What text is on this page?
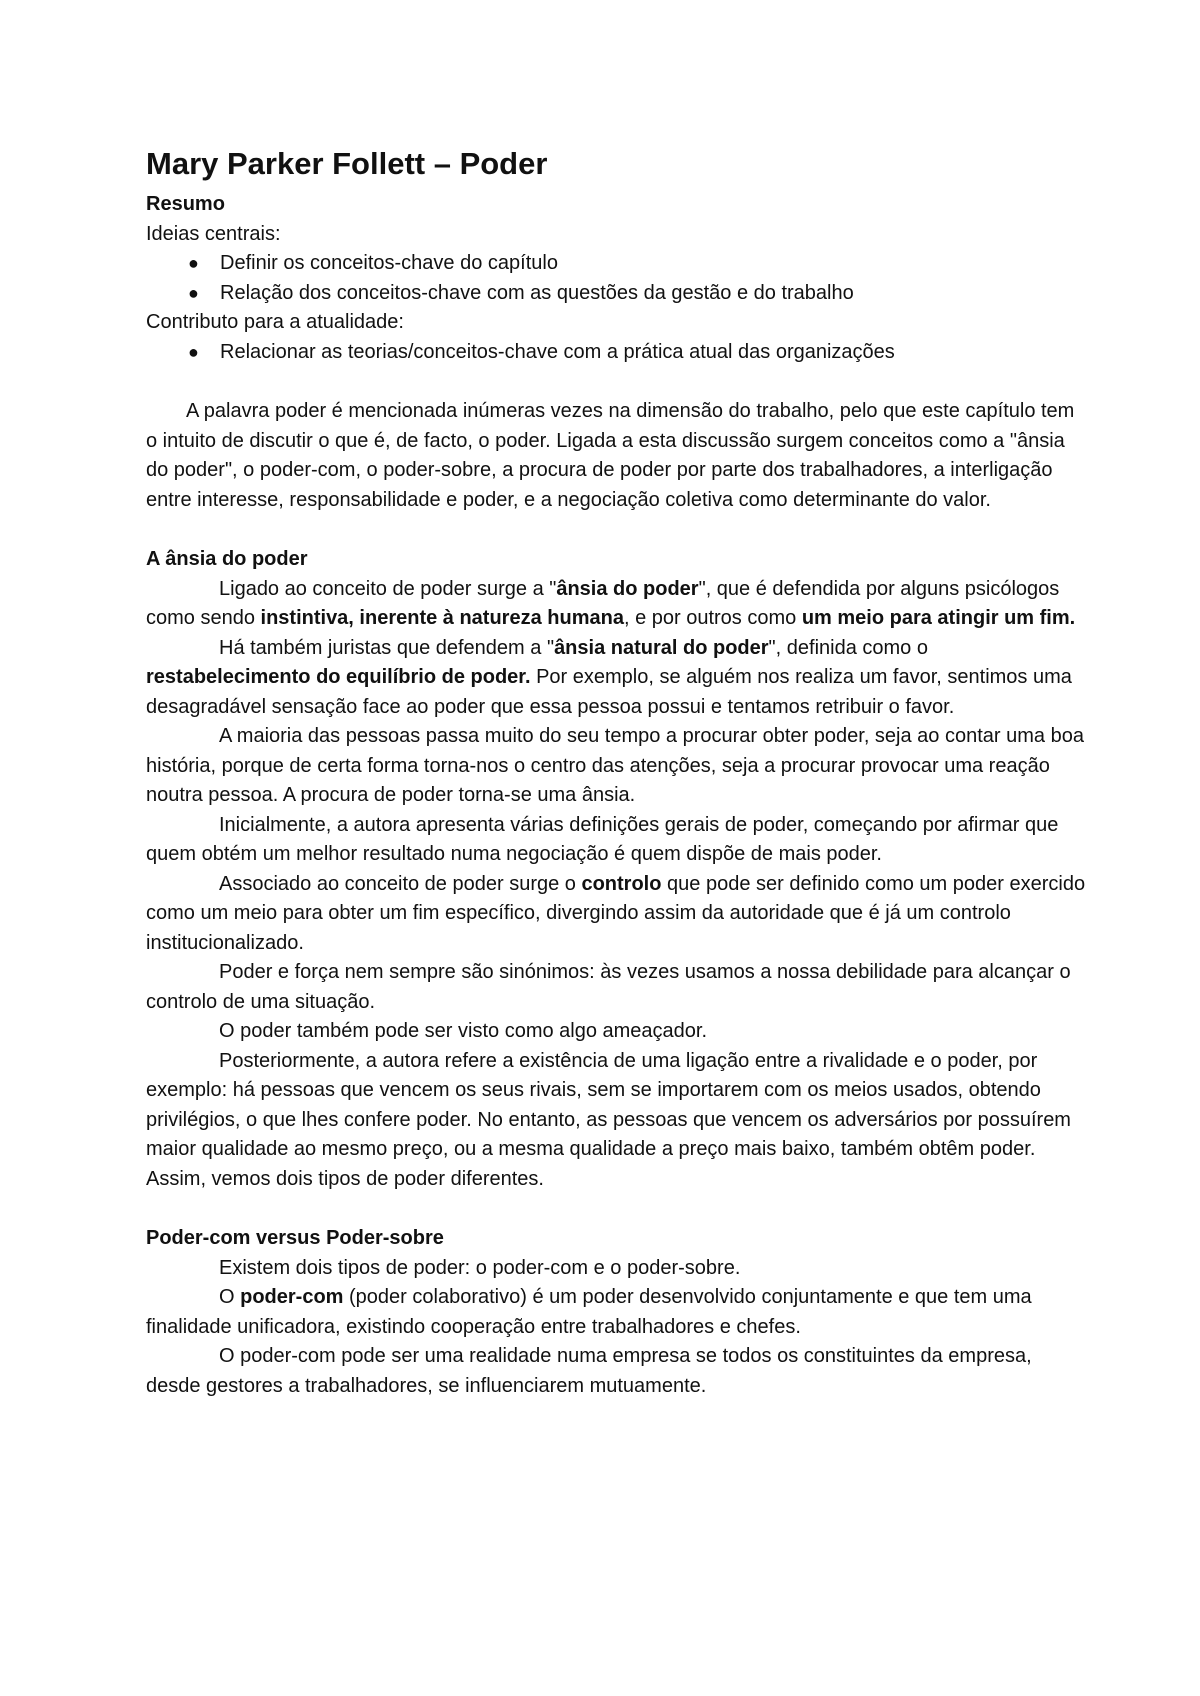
Mary Parker Follett – Poder

Resumo

Ideias centrais:

● Definir os conceitos-chave do capítulo
● Relação dos conceitos-chave com as questões da gestão e do trabalho

Contributo para a atualidade:

● Relacionar as teorias/conceitos-chave com a prática atual das organizações

A palavra poder é mencionada inúmeras vezes na dimensão do trabalho, pelo que este capítulo tem o intuito de discutir o que é, de facto, o poder. Ligada a esta discussão surgem conceitos como a "ânsia do poder", o poder-com, o poder-sobre, a procura de poder por parte dos trabalhadores, a interligação entre interesse, responsabilidade e poder, e a negociação coletiva como determinante do valor.

A ânsia do poder

Ligado ao conceito de poder surge a "ânsia do poder", que é defendida por alguns psicólogos como sendo instintiva, inerente à natureza humana, e por outros como um meio para atingir um fim.

Há também juristas que defendem a "ânsia natural do poder", definida como o restabelecimento do equilíbrio de poder. Por exemplo, se alguém nos realiza um favor, sentimos uma desagradável sensação face ao poder que essa pessoa possui e tentamos retribuir o favor.

A maioria das pessoas passa muito do seu tempo a procurar obter poder, seja ao contar uma boa história, porque de certa forma torna-nos o centro das atenções, seja a procurar provocar uma reação noutra pessoa. A procura de poder torna-se uma ânsia.

Inicialmente, a autora apresenta várias definições gerais de poder, começando por afirmar que quem obtém um melhor resultado numa negociação é quem dispõe de mais poder.

Associado ao conceito de poder surge o controlo que pode ser definido como um poder exercido como um meio para obter um fim específico, divergindo assim da autoridade que é já um controlo institucionalizado.

Poder e força nem sempre são sinónimos: às vezes usamos a nossa debilidade para alcançar o controlo de uma situação.

O poder também pode ser visto como algo ameaçador.

Posteriormente, a autora refere a existência de uma ligação entre a rivalidade e o poder, por exemplo: há pessoas que vencem os seus rivais, sem se importarem com os meios usados, obtendo privilégios, o que lhes confere poder. No entanto, as pessoas que vencem os adversários por possuírem maior qualidade ao mesmo preço, ou a mesma qualidade a preço mais baixo, também obtêm poder. Assim, vemos dois tipos de poder diferentes.

Poder-com versus Poder-sobre

Existem dois tipos de poder: o poder-com e o poder-sobre.

O poder-com (poder colaborativo) é um poder desenvolvido conjuntamente e que tem uma finalidade unificadora, existindo cooperação entre trabalhadores e chefes.

O poder-com pode ser uma realidade numa empresa se todos os constituintes da empresa, desde gestores a trabalhadores, se influenciarem mutuamente.
